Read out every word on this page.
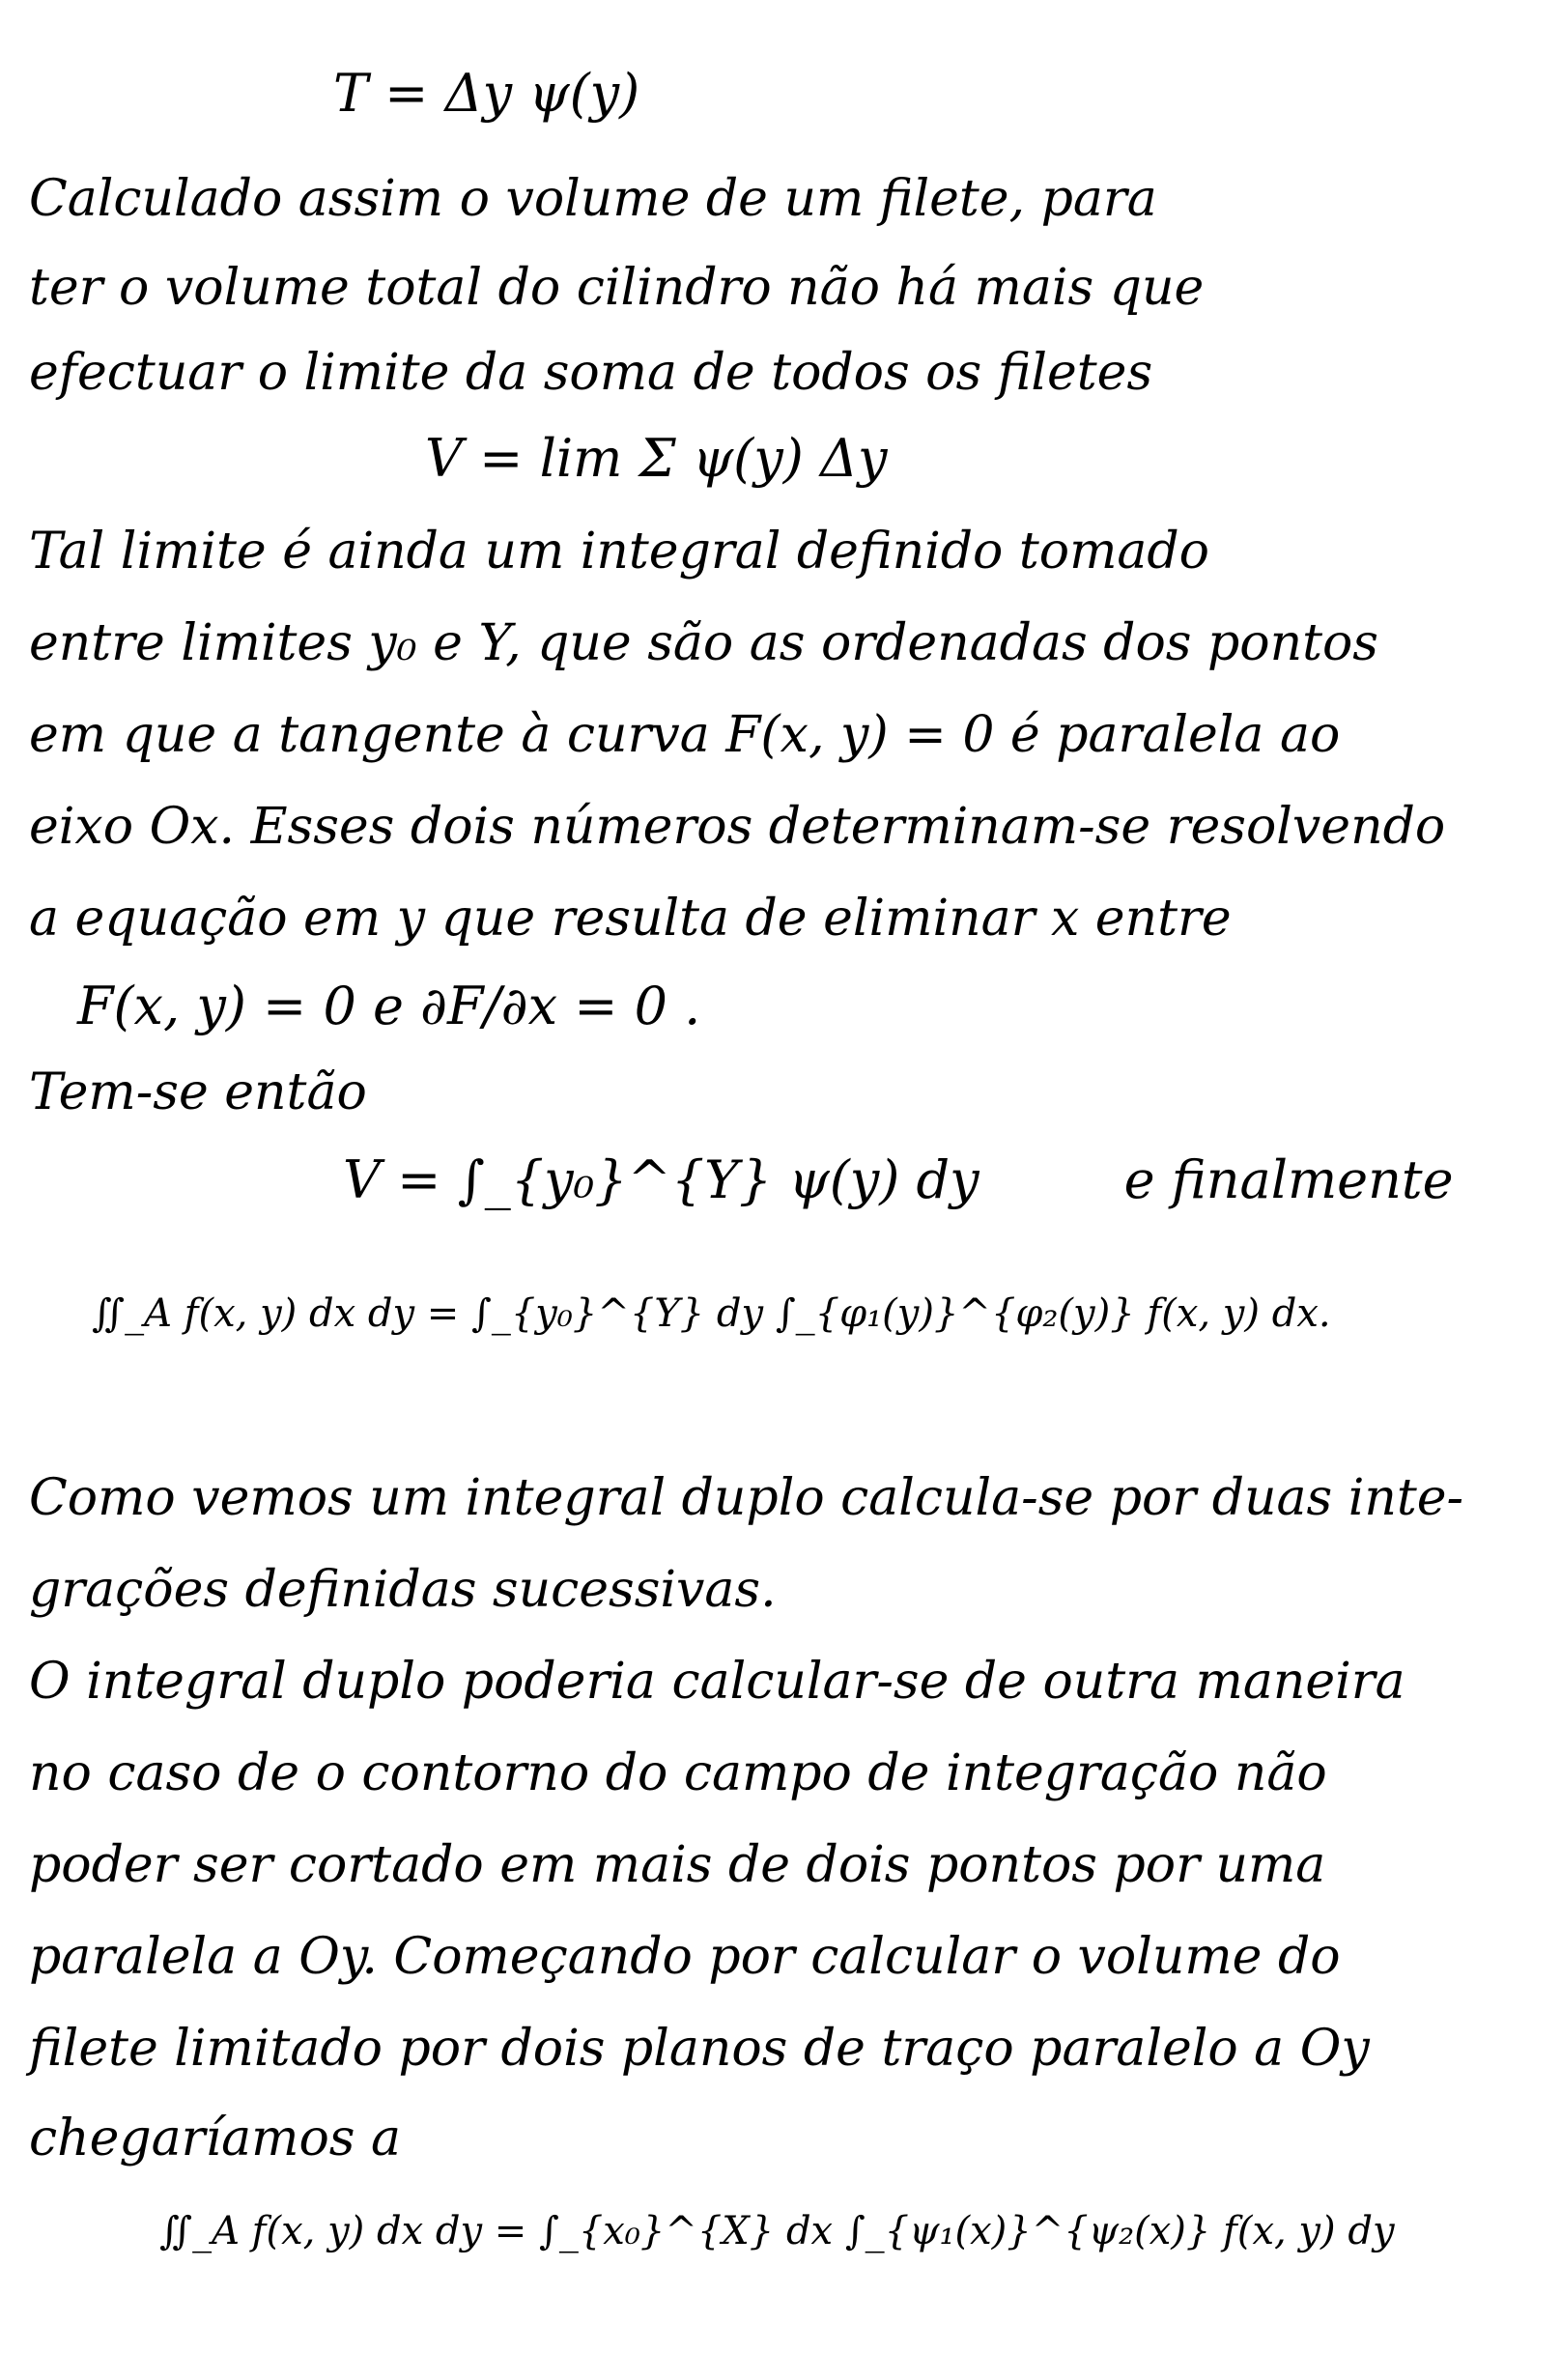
T = Δy ψ(y)
Calculado assim o volume de um filete, para
ter o volume total do cilindro não há mais que
efectuar o limite da soma de todos os filetes
V = lim Σ ψ(y) Δy
Tal limite é ainda um integral definido tomado
entre limites y₀ e Y, que são as ordenadas dos pontos
em que a tangente à curva F(x, y) = 0 é paralela ao
eixo Ox. Esses dois números determinam-se resolvendo
a equação em y que resulta de eliminar x entre
F(x, y) = 0 e ∂F/∂x = 0 .
Tem-se então
V = ∫_{y₀}^{Y} ψ(y) dy	e finalmente
∬_A f(x, y) dx dy = ∫_{y₀}^{Y} dy ∫_{φ₁(y)}^{φ₂(y)} f(x, y) dx.
Como vemos um integral duplo calcula-se por duas inte-
grações definidas sucessivas.
O integral duplo poderia calcular-se de outra maneira
no caso de o contorno do campo de integração não
poder ser cortado em mais de dois pontos por uma
paralela a Oy. Começando por calcular o volume do
filete limitado por dois planos de traço paralelo a Oy
chegaríamos a
∬_A f(x, y) dx dy = ∫_{x₀}^{X} dx ∫_{ψ₁(x)}^{ψ₂(x)} f(x, y) dy
